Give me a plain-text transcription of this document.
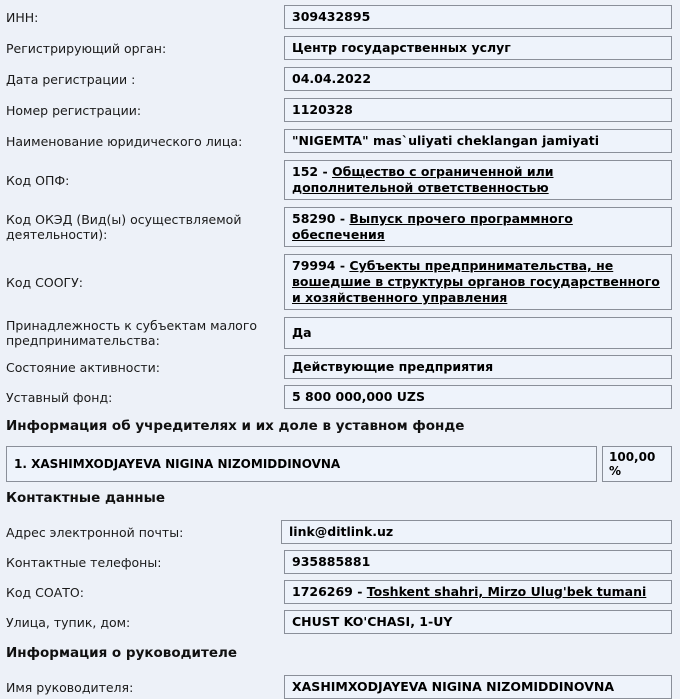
ИНН:	309432895
Регистрирующий орган:	Центр государственных услуг
Дата регистрации :	04.04.2022
Номер регистрации:	1120328
Наименование юридического лица:	"NIGEMTA" mas`uliyati cheklangan jamiyati
Код ОПФ:
152 - Общество с ограниченной или дополнительной ответственностью
Код ОКЭД (Вид(ы) осуществляемой деятельности):
58290 - Выпуск прочего программного обеспечения
Код СООГУ:
79994 - Субъекты предпринимательства, не вошедшие в структуры органов государственного и хозяйственного управления
Принадлежность к субъектам малого предпринимательства:
Да
Состояние активности:	Действующие предприятия
Уставный фонд:	5 800 000,000 UZS
Информация об учредителях и их доле в уставном фонде
1. XASHIMXODJAYEVA NIGINA NIZOMIDDINOVNA	100,00 %
Контактные данные
Адрес электронной почты:	link@ditlink.uz
Контактные телефоны:	935885881
Код СОАТО:	1726269 - Toshkent shahri, Mirzo Ulug'bek tumani
Улица, тупик, дом:	CHUST KO'CHASI, 1-UY
Информация о руководителе
Имя руководителя:	XASHIMXODJAYEVA NIGINA NIZOMIDDINOVNA
